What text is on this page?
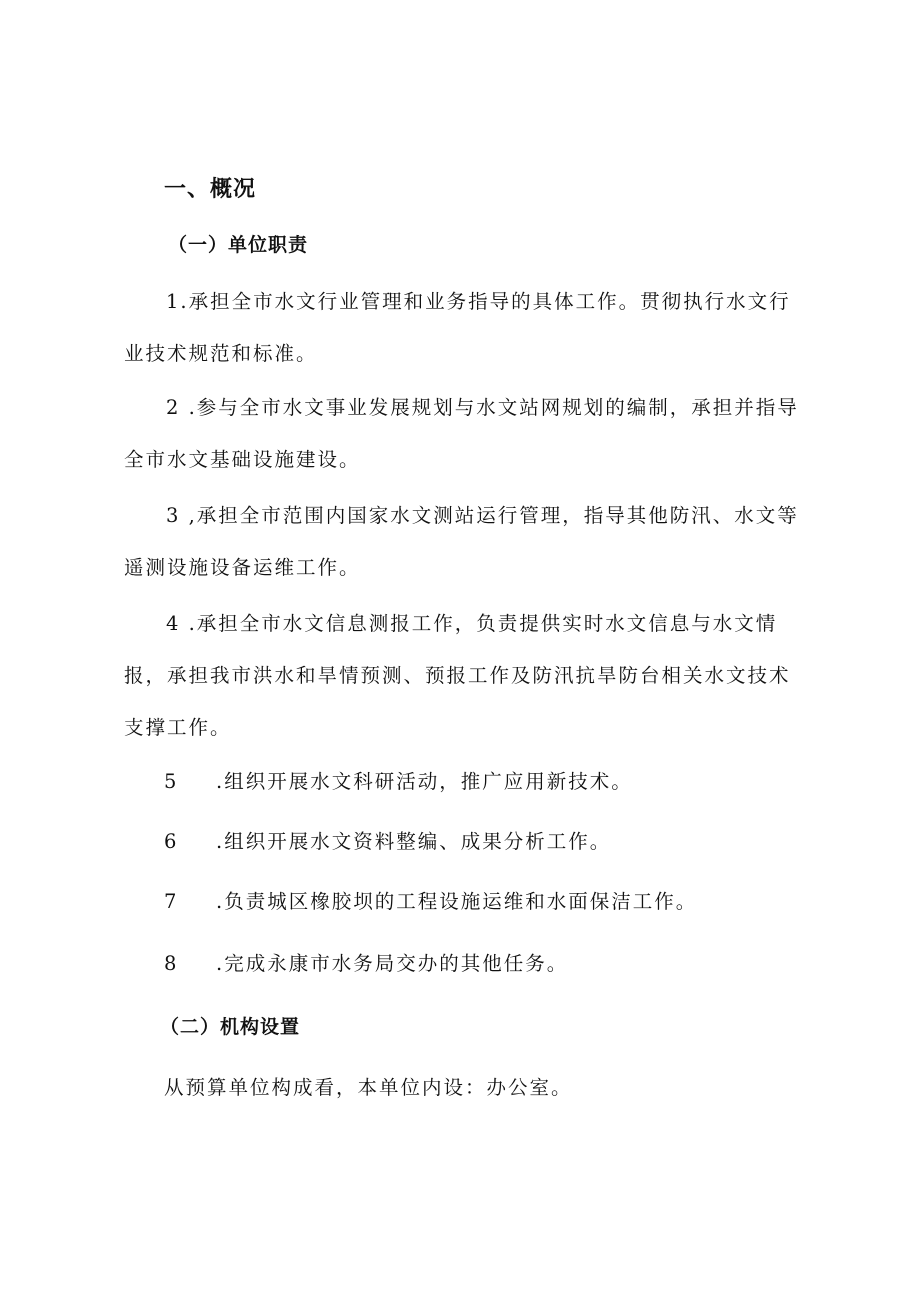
一、概况
（一）单位职责

1.承担全市水文行业管理和业务指导的具体工作。贯彻执行水文行业技术规范和标准。

2 .参与全市水文事业发展规划与水文站网规划的编制，承担并指导全市水文基础设施建设。

3 ,承担全市范围内国家水文测站运行管理，指导其他防汛、水文等遥测设施设备运维工作。

4 .承担全市水文信息测报工作，负责提供实时水文信息与水文情报，承担我市洪水和旱情预测、预报工作及防汛抗旱防台相关水文技术支撑工作。

5 .组织开展水文科研活动，推广应用新技术。

6 .组织开展水文资料整编、成果分析工作。

7 .负责城区橡胶坝的工程设施运维和水面保洁工作。

8 .完成永康市水务局交办的其他任务。

（二）机构设置

从预算单位构成看，本单位内设：办公室。
